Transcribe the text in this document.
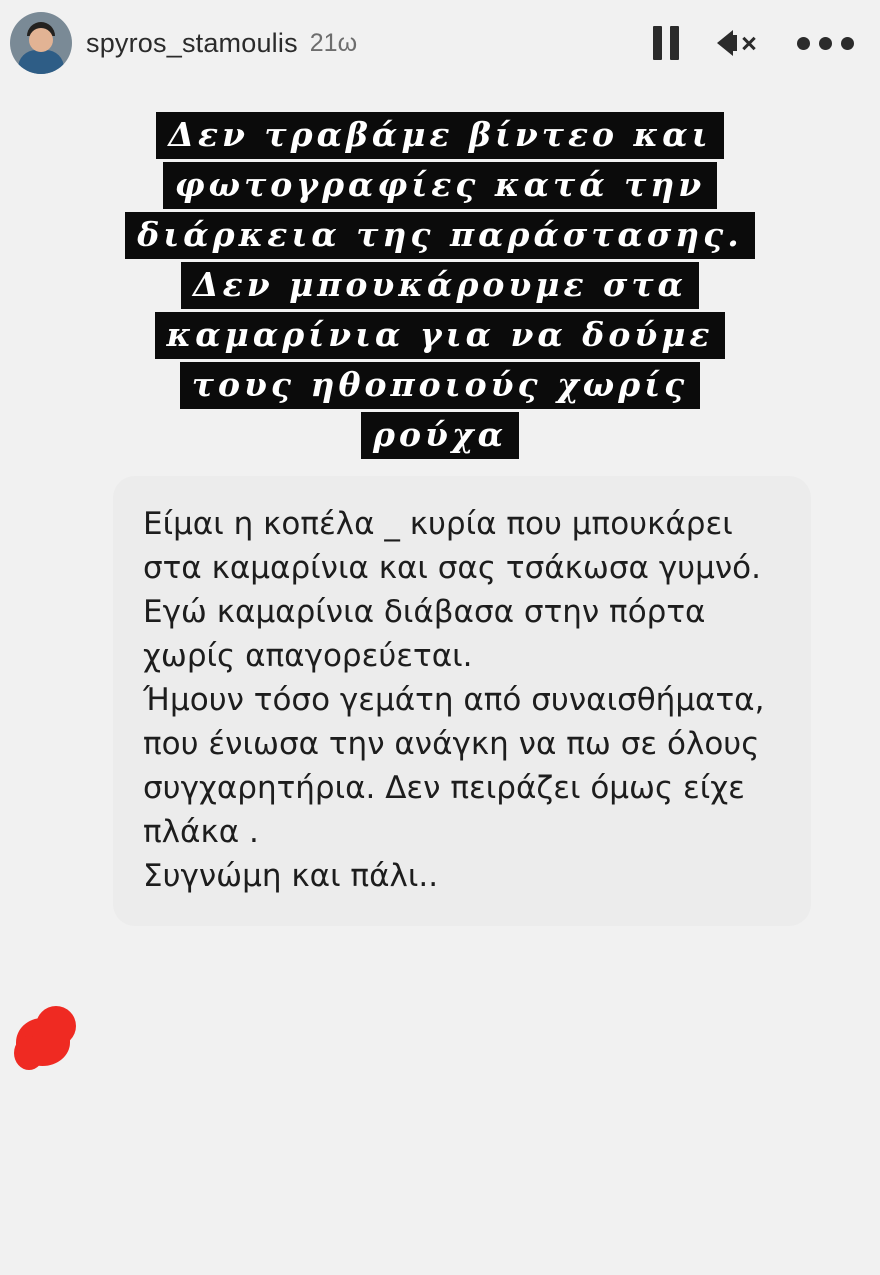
spyros_stamoulis 21ω
Δεν τραβάμε βίντεο και
φωτογραφίες κατά την
διάρκεια της παράστασης.
Δεν μπουκάρουμε στα
καμαρίνια για να δούμε
τους ηθοποιούς χωρίς
ρούχα

Είμαι η κοπέλα _ κυρία που μπουκάρει στα καμαρίνια και σας τσάκωσα γυμνό.

Εγώ καμαρίνια διάβασα στην πόρτα χωρίς απαγορεύεται.

Ήμουν τόσο γεμάτη από συναισθήματα, που ένιωσα την ανάγκη να πω σε όλους συγχαρητήρια. Δεν πειράζει όμως είχε πλάκα .

Συγνώμη και πάλι..
